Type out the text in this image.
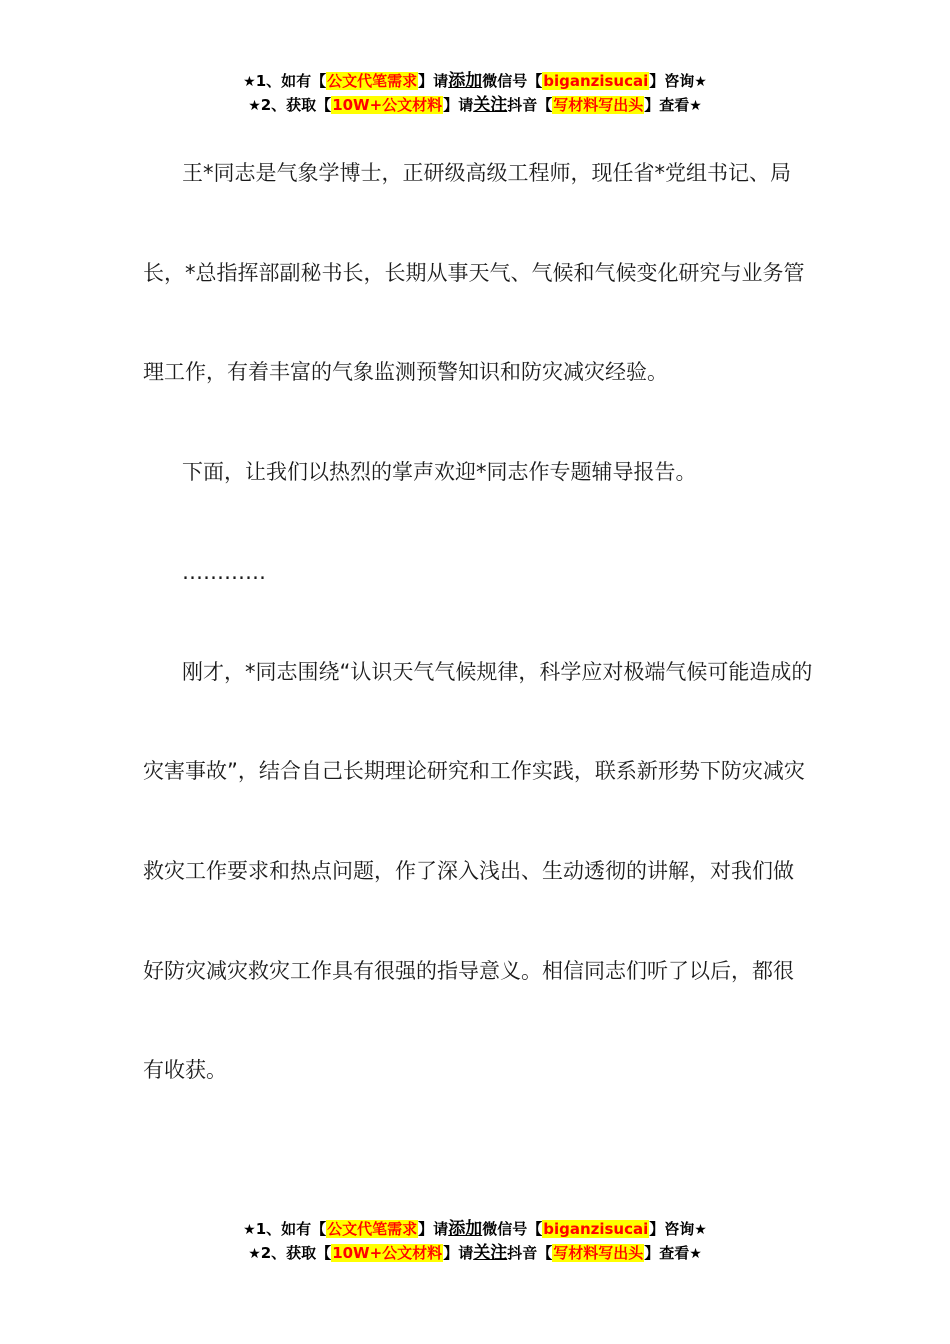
★1、如有【公文代笔需求】请添加微信号【biganzisucai】咨询★
★2、获取【10W+公文材料】请关注抖音【写材料写出头】查看★

王*同志是气象学博士，正研级高级工程师，现任省*党组书记、局长，*总指挥部副秘书长，长期从事天气、气候和气候变化研究与业务管理工作，有着丰富的气象监测预警知识和防灾减灾经验。

下面，让我们以热烈的掌声欢迎*同志作专题辅导报告。

…………

刚才，*同志围绕“认识天气气候规律，科学应对极端气候可能造成的灾害事故”，结合自己长期理论研究和工作实践，联系新形势下防灾减灾救灾工作要求和热点问题，作了深入浅出、生动透彻的讲解，对我们做好防灾减灾救灾工作具有很强的指导意义。相信同志们听了以后，都很有收获。

★1、如有【公文代笔需求】请添加微信号【biganzisucai】咨询★
★2、获取【10W+公文材料】请关注抖音【写材料写出头】查看★
